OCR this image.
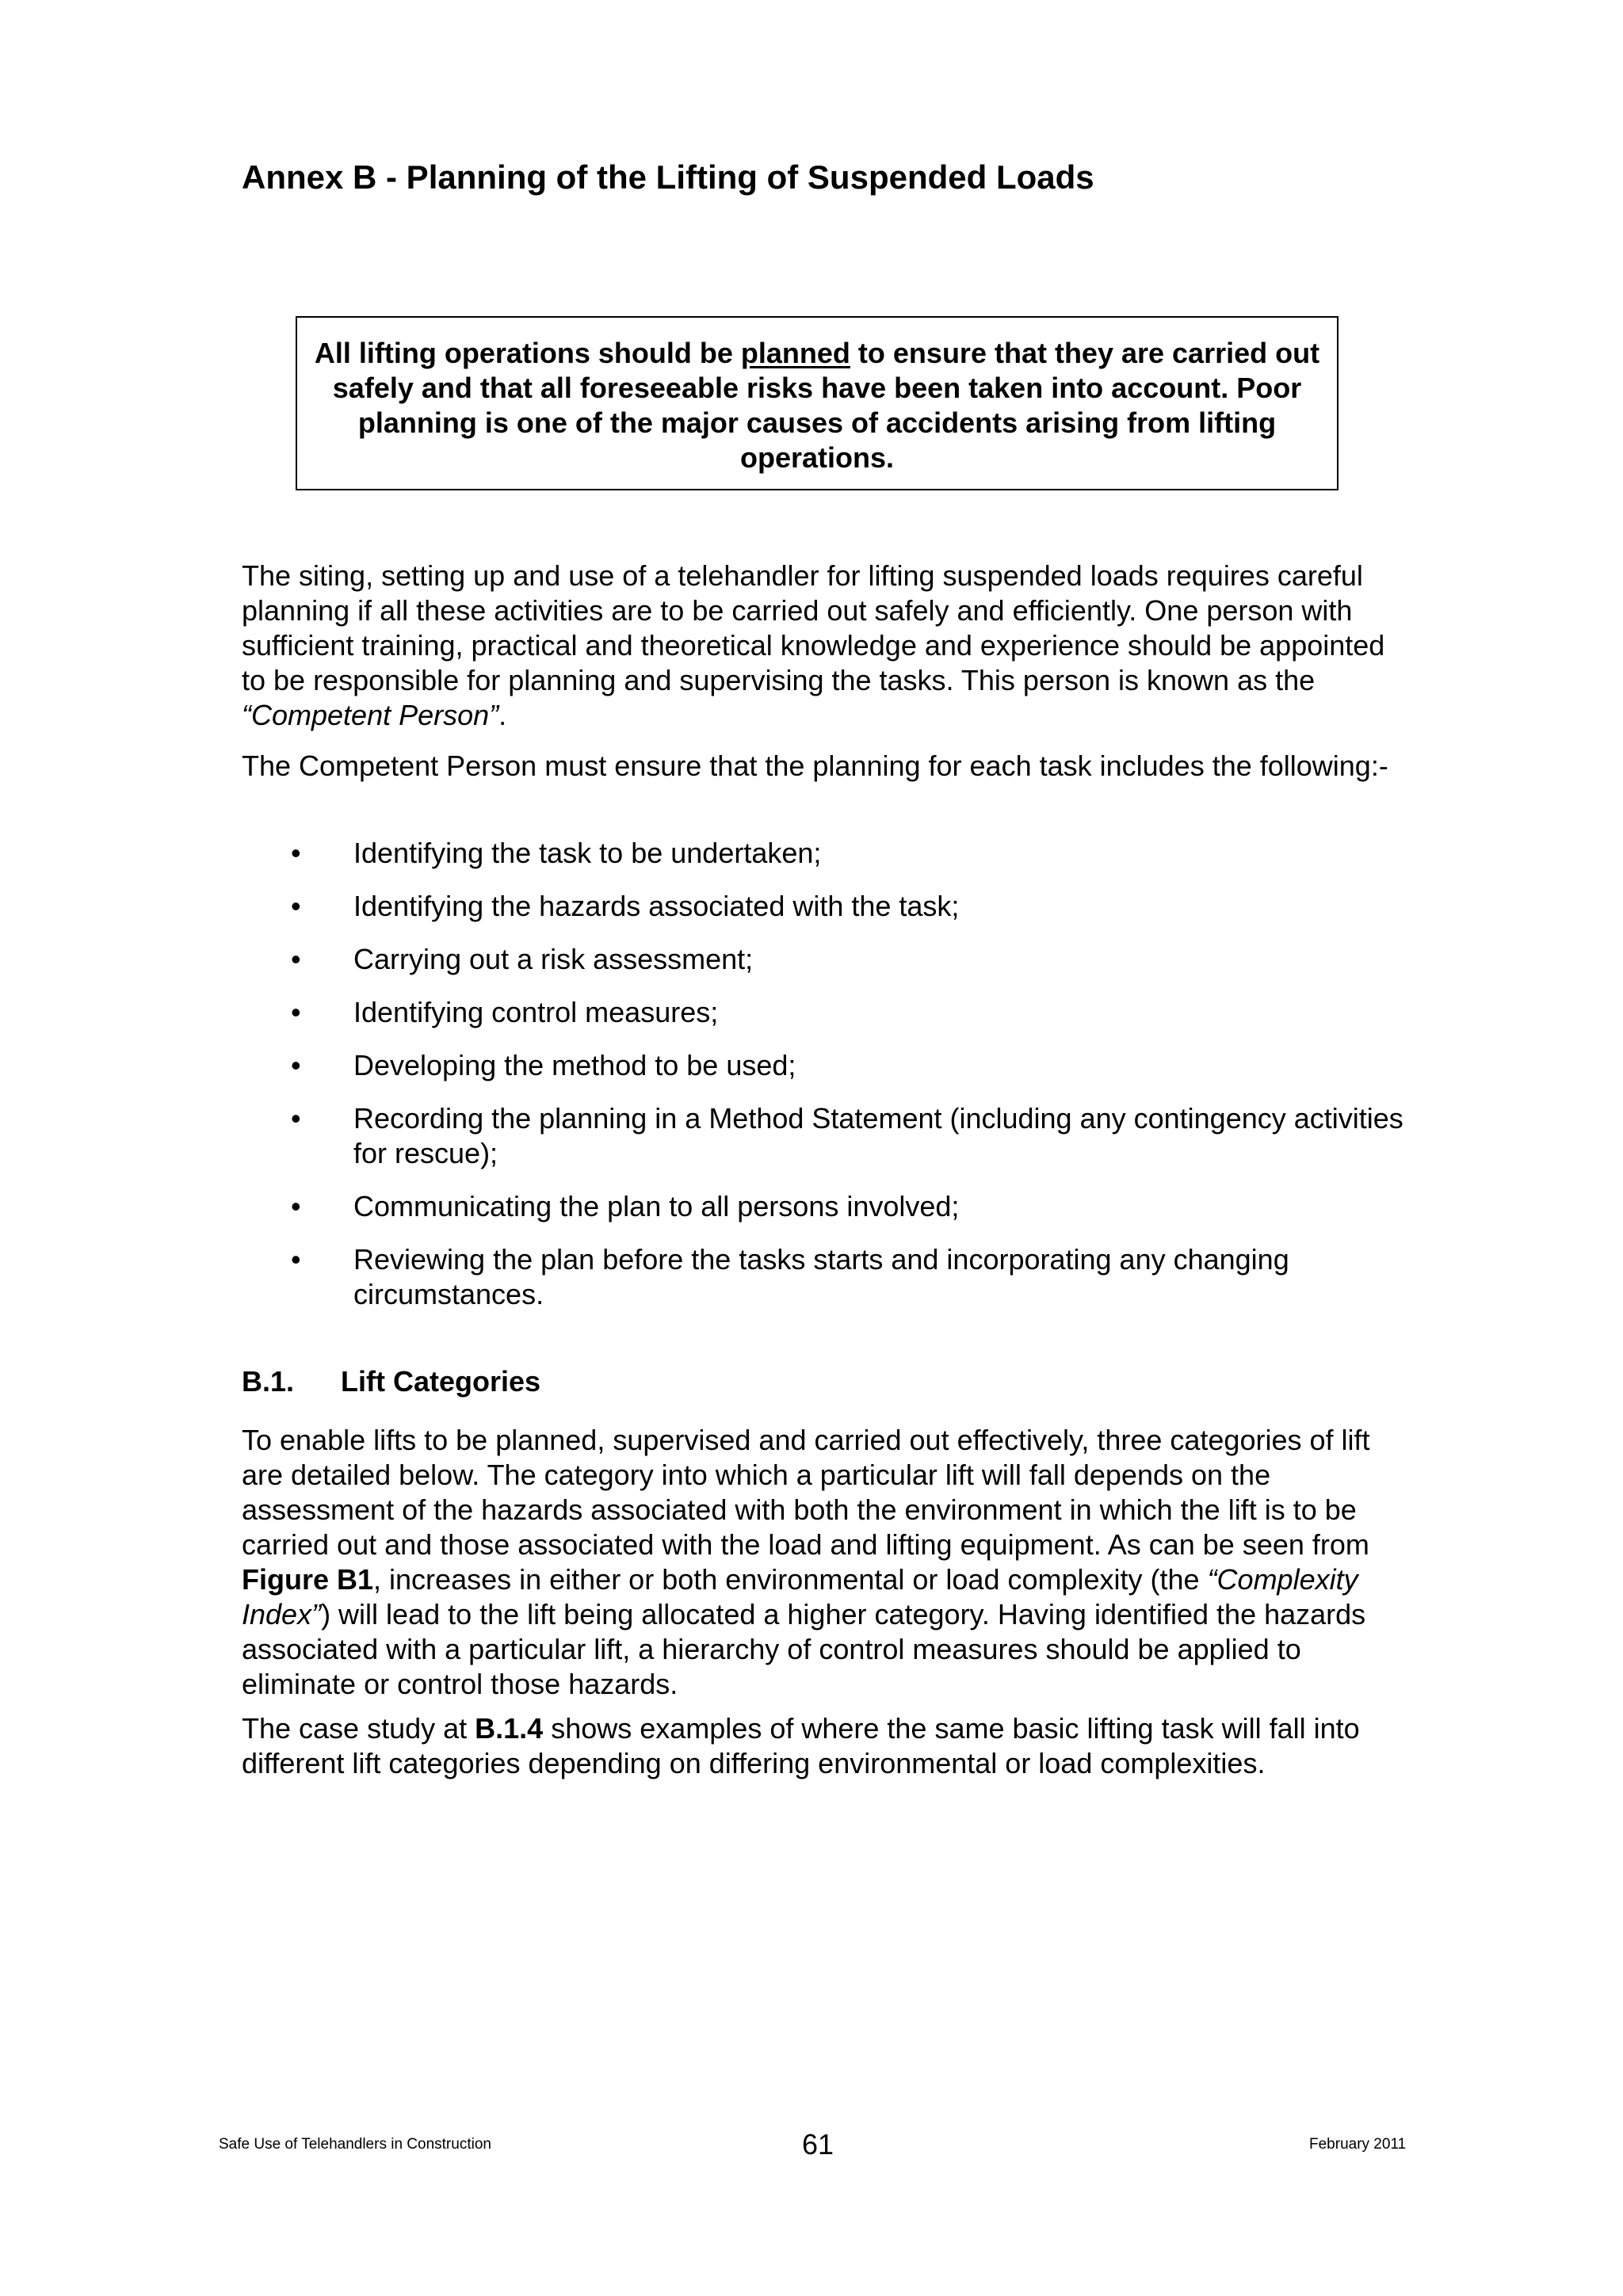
Annex B - Planning of the Lifting of Suspended Loads
All lifting operations should be planned to ensure that they are carried out safely and that all foreseeable risks have been taken into account. Poor planning is one of the major causes of accidents arising from lifting operations.

The siting, setting up and use of a telehandler for lifting suspended loads requires careful planning if all these activities are to be carried out safely and efficiently. One person with sufficient training, practical and theoretical knowledge and experience should be appointed to be responsible for planning and supervising the tasks. This person is known as the “Competent Person”.

The Competent Person must ensure that the planning for each task includes the following:-

• Identifying the task to be undertaken;
• Identifying the hazards associated with the task;
• Carrying out a risk assessment;
• Identifying control measures;
• Developing the method to be used;
• Recording the planning in a Method Statement (including any contingency activities for rescue);
• Communicating the plan to all persons involved;
• Reviewing the plan before the tasks starts and incorporating any changing circumstances.
B.1. Lift Categories

To enable lifts to be planned, supervised and carried out effectively, three categories of lift are detailed below. The category into which a particular lift will fall depends on the assessment of the hazards associated with both the environment in which the lift is to be carried out and those associated with the load and lifting equipment. As can be seen from Figure B1, increases in either or both environmental or load complexity (the “Complexity Index”) will lead to the lift being allocated a higher category. Having identified the hazards associated with a particular lift, a hierarchy of control measures should be applied to eliminate or control those hazards.

The case study at B.1.4 shows examples of where the same basic lifting task will fall into different lift categories depending on differing environmental or load complexities.

Safe Use of Telehandlers in Construction	61	February 2011
